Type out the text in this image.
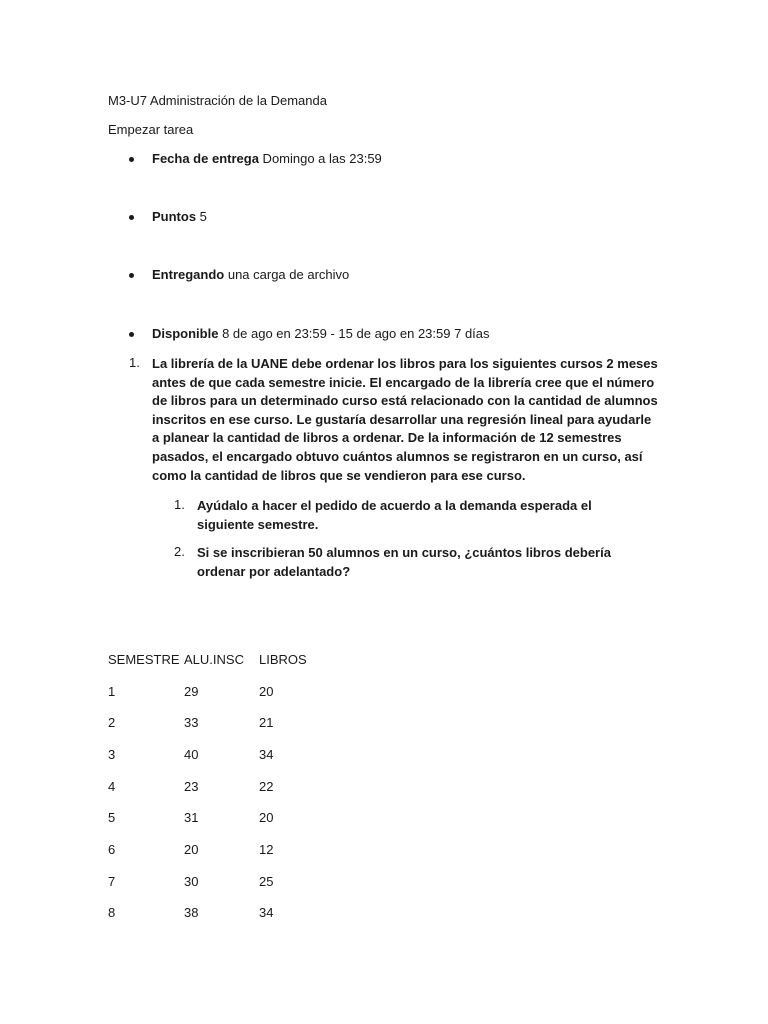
M3-U7 Administración de la Demanda
Empezar tarea
Fecha de entrega Domingo a las 23:59
Puntos 5
Entregando una carga de archivo
Disponible 8 de ago en 23:59 - 15 de ago en 23:59 7 días
1. La librería de la UANE debe ordenar los libros para los siguientes cursos 2 meses antes de que cada semestre inicie. El encargado de la librería cree que el número de libros para un determinado curso está relacionado con la cantidad de alumnos inscritos en ese curso. Le gustaría desarrollar una regresión lineal para ayudarle a planear la cantidad de libros a ordenar. De la información de 12 semestres pasados, el encargado obtuvo cuántos alumnos se registraron en un curso, así como la cantidad de libros que se vendieron para ese curso.
1. Ayúdalo a hacer el pedido de acuerdo a la demanda esperada el siguiente semestre.
2. Si se inscribieran 50 alumnos en un curso, ¿cuántos libros debería ordenar por adelantado?
SEMESTRE ALU.INSC LIBROS
1	29	20
2	33	21
3	40	34
4	23	22
5	31	20
6	20	12
7	30	25
8	38	34
